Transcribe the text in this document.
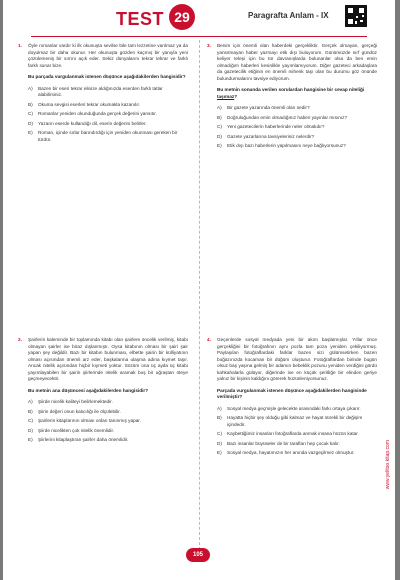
TEST 29	Paragrafta Anlam - IX
1. Öyle romanlar vardır ki ilk okunuşta sevilse bile tam lezzetine varılmaz ya da doyulmaz bir daha okunur. Her okunuşta gözden kaçmış bir yanıyla yeni çözülemeniş bir sırrını açık eder. Sekiz dünyalarını tekrar tekrar ve farklı farklı sunar bize.

Bu parçada vurgulanmak istenen düşünce aşağıdakilerden hangisidir?

A) Bazen bir eseri tekrar elinize aldığınızda eserden farklı tatlar alabilirsiniz.
B) Okuma sevgisi eserleri tekrar okumakla kazanılır.
C) Romanlar yeniden okunduğunda gerçek değerini yansıtır.
D) Yazarın eserde kullandığı dil, eserin değerini belirler.
E) Roman, içinde sırlar barındırdığı için yeniden okunması gereken bir türdür.
3. Benim için önemli olan haberdeki gerçekliktir. Gerçek olmayan, gerçeği yansıtmayan haber yazmayı etik dışı buluyorum. Günümüzde sırf gündüz keliyer teleşi için bu tür davranışlarda bulunanlar olsa da ben emin olmadığım haberleri kesinlikle yayımlamıyorum. Diğer gazeteci arkadaşlara da gazetecilik etiğinin en önemli mihenk taşı olan bu durumu göz önünde bulundurmalarını tavsiye ediyorum.

Bu metnin sonunda verilen sorulardan hangisine bir cevap niteliği taşımaz?

A) Bir gazete yazarında önemli olan nedir?
B) Doğruluğundan emin olmadığınız haberi yayınlar mısınız?
C) Yeni gazetecilerin haberlerinde neler olmalıdır?
D) Gazete yazarlarına tavsiyeleriniz nelerdir?
E) Etik dışı bazı haberlerin yapılmasını neye bağlıyorsunuz?
2. Şairlerin kaleminde bir toplamında kitabı olan şairlere öncelik verilmiş, kitabı olmayan şairler ise biraz dışlanmıştı. Oysa kitabının olması bir şairi şair yapan şey değildir. Bazı bir kitabın bulunması, elbette şairin bir külliyatının olması açısından önemli arz eder, başkalarına ulaşma adına kıymet taşır. Ancak nitelik açısından hiçbir kıymeti yoktur. Sözüm ona üç ayda üç kitabı yayımlayabilen bir şairin şiirlerinde nitelik aramak boş bir uğraştan öteye geçmeyecektir.

Bu metnin ana düşüncesi aşağıdakilerden hangisidir?

A) Şiirde nicelik kaliteyi belirlemektedir.
B) Şiirin değeri onun kalıcılığı ile ölçülebilir.
C) Şairlerin kitaplarının olması onları tanınmış yapar.
D) Şiirde nicelikten çok nitelik önemlidir.
E) Şiirlerini kitaplaştıran şairler daha önemlidir.
4. Geçenlerde sosyal medyada yeni bir akım başlatmışlar. Yıllar önce gerçekliğini bir fotoğrafının aynı pozla tam poza yeniden çekiliyormuş. Paylaşılan fotoğraflardaki farklar bazen sizi gülümsetirken bazen boğazınızda kocaman bir düğüm oluşturur. Fotoğraflardan birinde bugün olsuz baş yaşına gelmiş bir adamın bebeklik pozunu yeniden verdiğini gördü kahkahalarla gülüyor, diğerinde ise en küçük şeritliğe bir elinden geriye yalnız bir kişinin kaldığını görerek hüzünleniyorsunuz.

Parçada vurgulanmak istenen düşünce aşağıdakilerden hangisinde verilmiştir?

A) Sosyal medya geçmişle gelecekte arasındaki farkı ortaya çıkarır.
B) Hayatta hiçbir şey olduğu gibi kalmaz ve hayat sürekli bir değişim içindedir.
C) Kaybettiğimiz insanları fotoğraflarda anmak insana hüzün katar.
D) Bazı insanlar büyüseler de bir tarafları hep çocuk kalır.
E) Sosyal medya, hayatımızın her anında vazgeçilmez olmuştur.	www.yelitoo.kitap.com
105
